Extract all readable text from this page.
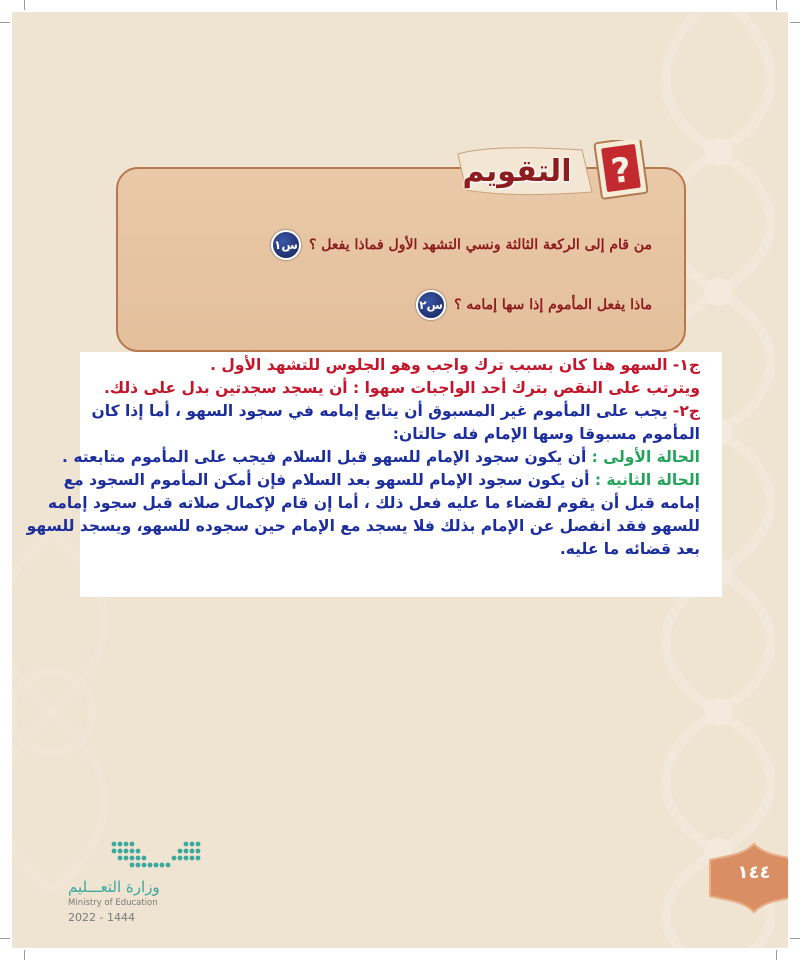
?
التقويم
س١ من قام إلى الركعة الثالثة ونسي التشهد الأول فماذا يفعل ؟
س٢ ماذا يفعل المأموم إذا سها إمامه ؟
ج١- السهو هنا كان بسبب ترك واجب وهو الجلوس للتشهد الأول .
ويترتب على النقص بترك أحد الواجبات سهوا : أن يسجد سجدتين بدل على ذلك.
ج٢- يجب على المأموم غير المسبوق أن يتابع إمامه في سجود السهو ، أما إذا كان
المأموم مسبوقا وسها الإمام فله حالتان:
الحالة الأولى : أن يكون سجود الإمام للسهو قبل السلام فيجب على المأموم متابعته .
الحالة الثانية : أن يكون سجود الإمام للسهو بعد السلام فإن أمكن المأموم السجود مع
إمامه قبل أن يقوم لقضاء ما عليه فعل ذلك ، أما إن قام لإكمال صلاته قبل سجود إمامه
للسهو فقد انفصل عن الإمام بذلك فلا يسجد مع الإمام حين سجوده للسهو، ويسجد للسهو
بعد قضائه ما عليه.
وزارة التعـــليم
Ministry of Education
2022 - 1444
١٤٤
